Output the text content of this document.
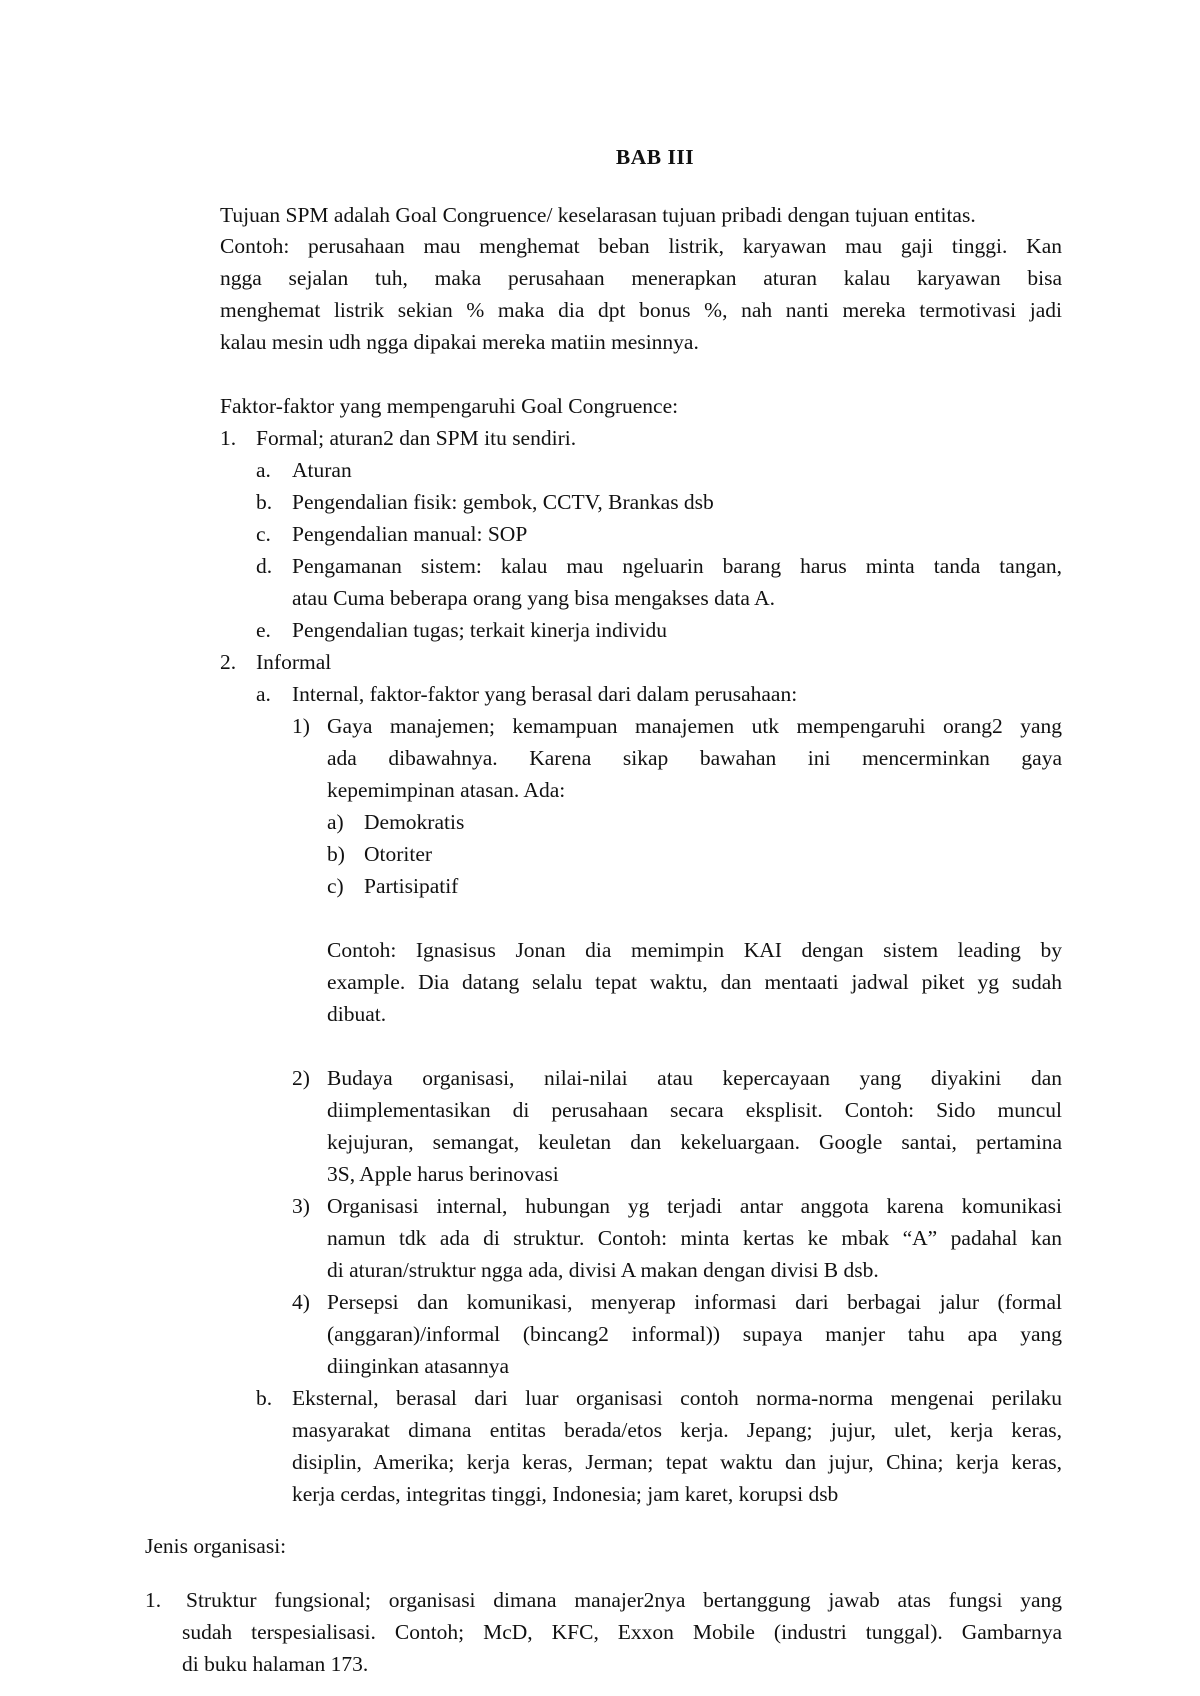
BAB III
Tujuan SPM adalah Goal Congruence/ keselarasan tujuan pribadi dengan tujuan entitas.
Contoh: perusahaan mau menghemat beban listrik, karyawan mau gaji tinggi. Kan
ngga sejalan tuh, maka perusahaan menerapkan aturan kalau karyawan bisa
menghemat listrik sekian % maka dia dpt bonus %, nah nanti mereka termotivasi jadi
kalau mesin udh ngga dipakai mereka matiin mesinnya.
Faktor-faktor yang mempengaruhi Goal Congruence:
1. Formal; aturan2 dan SPM itu sendiri.
a. Aturan
b. Pengendalian fisik: gembok, CCTV, Brankas dsb
c. Pengendalian manual: SOP
d. Pengamanan sistem: kalau mau ngeluarin barang harus minta tanda tangan,
atau Cuma beberapa orang yang bisa mengakses data A.
e. Pengendalian tugas; terkait kinerja individu
2. Informal
a. Internal, faktor-faktor yang berasal dari dalam perusahaan:
1) Gaya manajemen; kemampuan manajemen utk mempengaruhi orang2 yang
ada dibawahnya. Karena sikap bawahan ini mencerminkan gaya
kepemimpinan atasan. Ada:
a) Demokratis
b) Otoriter
c) Partisipatif
Contoh: Ignasisus Jonan dia memimpin KAI dengan sistem leading by
example. Dia datang selalu tepat waktu, dan mentaati jadwal piket yg sudah
dibuat.
2) Budaya organisasi, nilai-nilai atau kepercayaan yang diyakini dan
diimplementasikan di perusahaan secara eksplisit. Contoh: Sido muncul
kejujuran, semangat, keuletan dan kekeluargaan. Google santai, pertamina
3S, Apple harus berinovasi
3) Organisasi internal, hubungan yg terjadi antar anggota karena komunikasi
namun tdk ada di struktur. Contoh: minta kertas ke mbak “A” padahal kan
di aturan/struktur ngga ada, divisi A makan dengan divisi B dsb.
4) Persepsi dan komunikasi, menyerap informasi dari berbagai jalur (formal
(anggaran)/informal (bincang2 informal)) supaya manjer tahu apa yang
diinginkan atasannya
b. Eksternal, berasal dari luar organisasi contoh norma-norma mengenai perilaku
masyarakat dimana entitas berada/etos kerja. Jepang; jujur, ulet, kerja keras,
disiplin, Amerika; kerja keras, Jerman; tepat waktu dan jujur, China; kerja keras,
kerja cerdas, integritas tinggi, Indonesia; jam karet, korupsi dsb
Jenis organisasi:
1. Struktur fungsional; organisasi dimana manajer2nya bertanggung jawab atas fungsi yang
sudah terspesialisasi. Contoh; McD, KFC, Exxon Mobile (industri tunggal). Gambarnya
di buku halaman 173.
